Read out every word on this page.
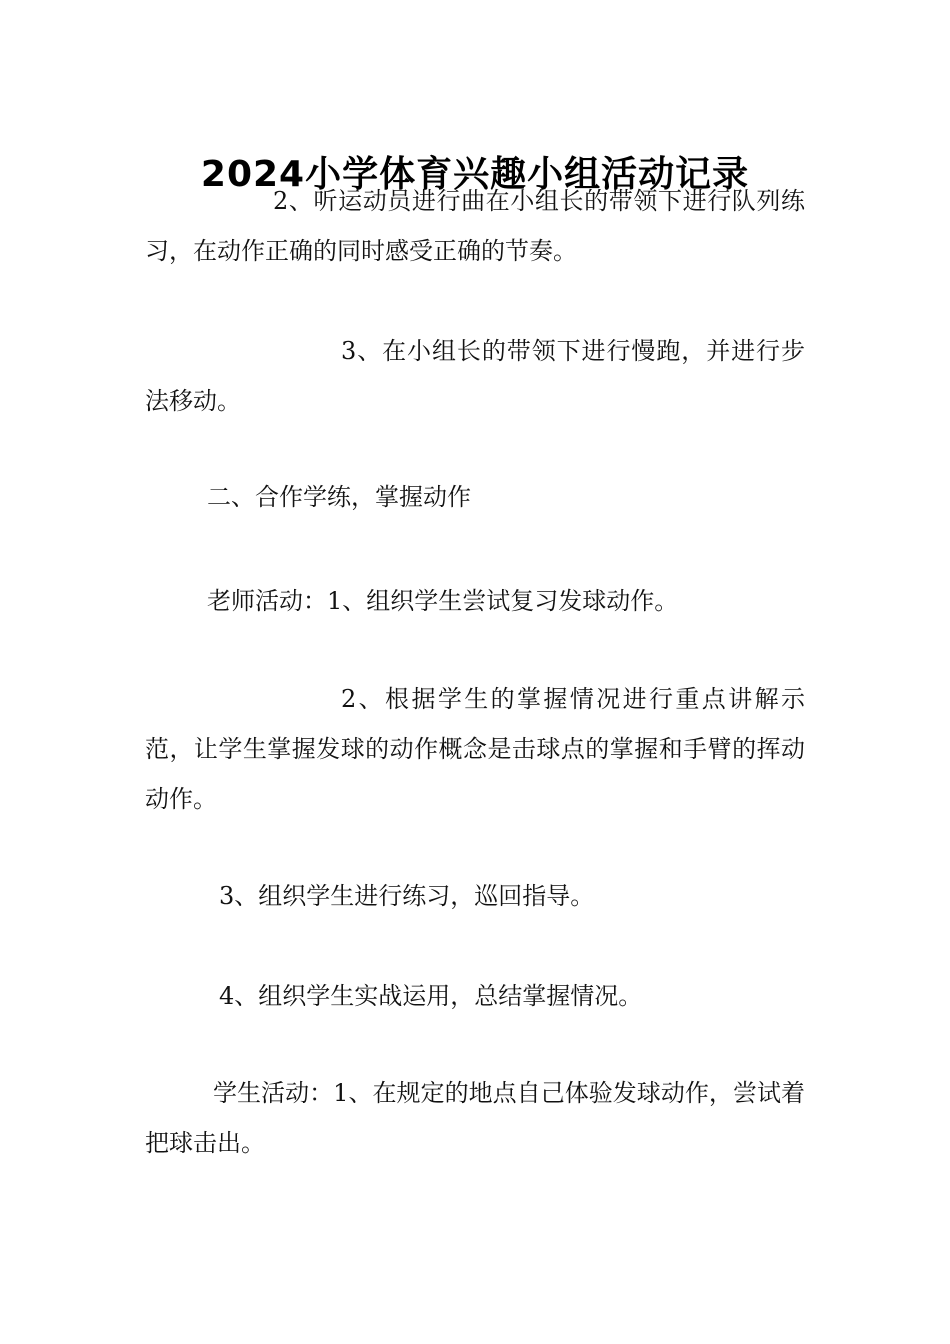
2024小学体育兴趣小组活动记录

2、听运动员进行曲在小组长的带领下进行队列练习，在动作正确的同时感受正确的节奏。

3、在小组长的带领下进行慢跑，并进行步法移动。

二、合作学练，掌握动作

老师活动：1、组织学生尝试复习发球动作。

2、根据学生的掌握情况进行重点讲解示范，让学生掌握发球的动作概念是击球点的掌握和手臂的挥动动作。

3、组织学生进行练习，巡回指导。

4、组织学生实战运用，总结掌握情况。

学生活动：1、在规定的地点自己体验发球动作，尝试着把球击出。
